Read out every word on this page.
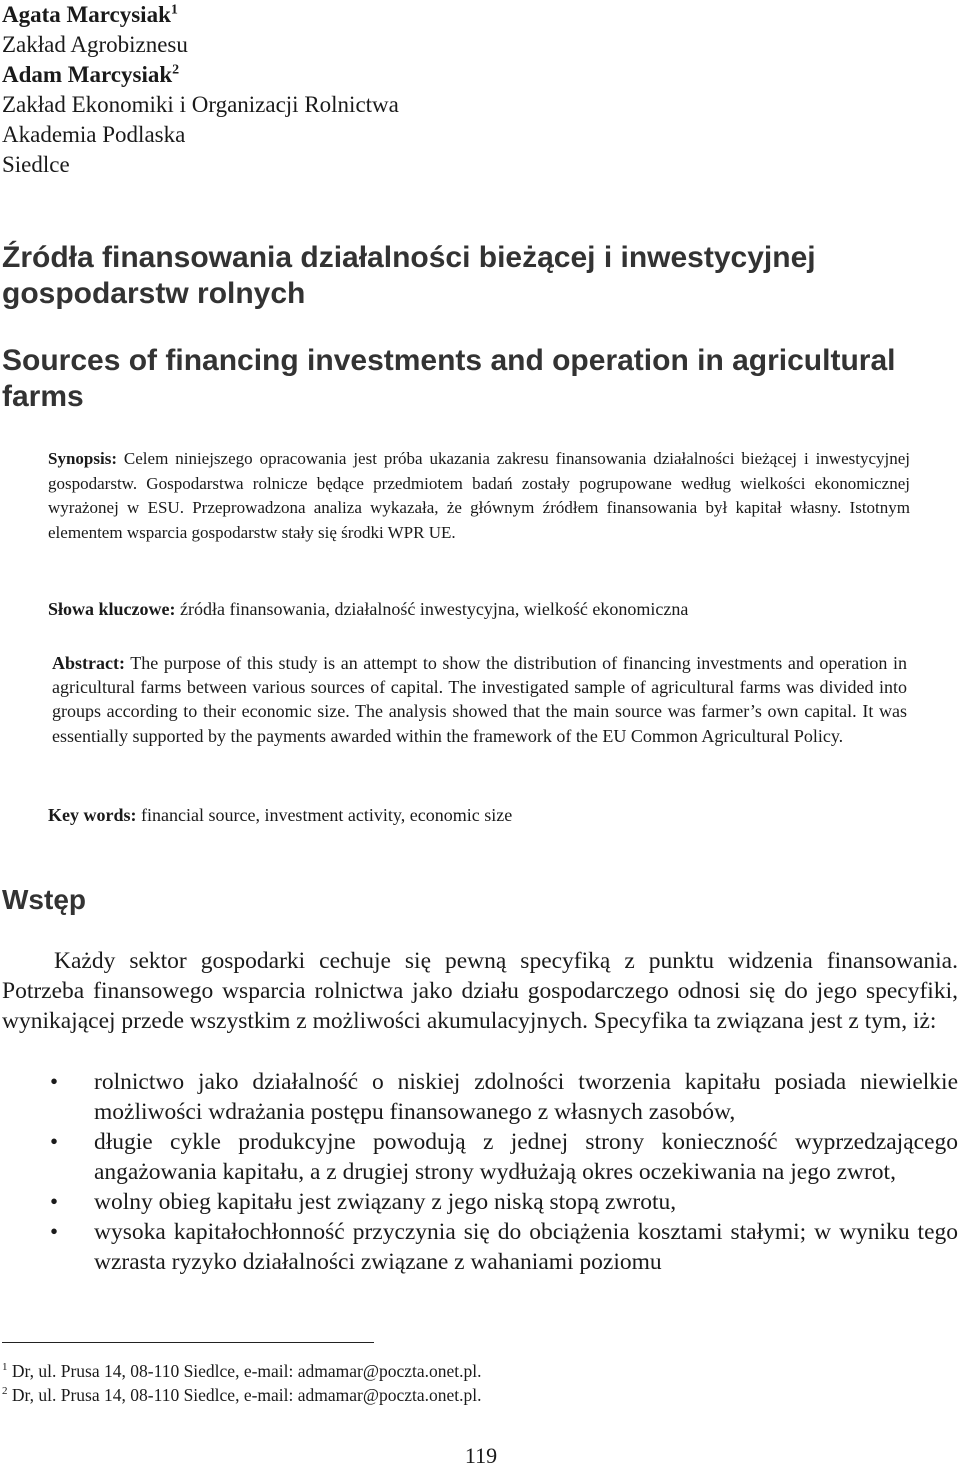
Agata Marcysiak$^1$
Zakład Agrobiznesu
Adam Marcysiak$^2$
Zakład Ekonomiki i Organizacji Rolnictwa
Akademia Podlaska
Siedlce
Źródła finansowania działalności bieżącej i inwestycyjnej gospodarstw rolnych
Sources of financing investments and operation in agricultural farms
Synopsis: Celem niniejszego opracowania jest próba ukazania zakresu finansowania działalności bieżącej i inwestycyjnej gospodarstw. Gospodarstwa rolnicze będące przedmiotem badań zostały pogrupowane według wielkości ekonomicznej wyrażonej w ESU. Przeprowadzona analiza wykazała, że głównym źródłem finansowania był kapitał własny. Istotnym elementem wsparcia gospodarstw stały się środki WPR UE.
Słowa kluczowe: źródła finansowania, działalność inwestycyjna, wielkość ekonomiczna
Abstract: The purpose of this study is an attempt to show the distribution of financing investments and operation in agricultural farms between various sources of capital. The investigated sample of agricultural farms was divided into groups according to their economic size. The analysis showed that the main source was farmer’s own capital. It was essentially supported by the payments awarded within the framework of the EU Common Agricultural Policy.
Key words: financial source, investment activity, economic size
Wstęp
Każdy sektor gospodarki cechuje się pewną specyfiką z punktu widzenia finansowania. Potrzeba finansowego wsparcia rolnictwa jako działu gospodarczego odnosi się do jego specyfiki, wynikającej przede wszystkim z możliwości akumulacyjnych. Specyfika ta związana jest z tym, iż:
•	rolnictwo jako działalność o niskiej zdolności tworzenia kapitału posiada niewielkie możliwości wdrażania postępu finansowanego z własnych zasobów,
•	długie cykle produkcyjne powodują z jednej strony konieczność wyprzedzającego angażowania kapitału, a z drugiej strony wydłużają okres oczekiwania na jego zwrot,
•	wolny obieg kapitału jest związany z jego niską stopą zwrotu,
•	wysoka kapitałochłonność przyczynia się do obciążenia kosztami stałymi; w wyniku tego wzrasta ryzyko działalności związane z wahaniami poziomu
$^1$ Dr, ul. Prusa 14, 08-110 Siedlce, e-mail: admamar@poczta.onet.pl.
$^2$ Dr, ul. Prusa 14, 08-110 Siedlce, e-mail: admamar@poczta.onet.pl.
119
